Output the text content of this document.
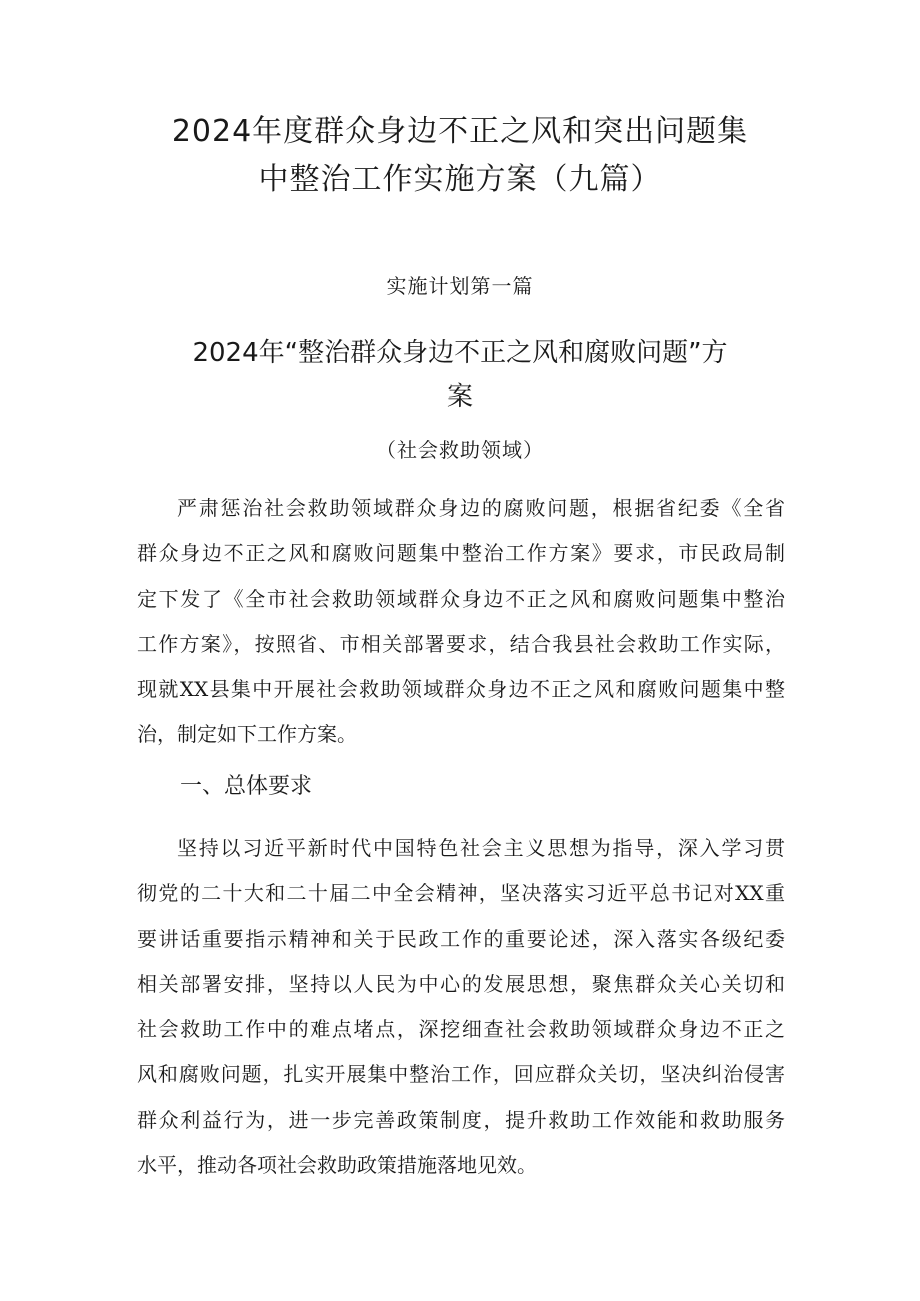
2024年度群众身边不正之风和突出问题集
中整治工作实施方案（九篇）
实施计划第一篇
2024年“整治群众身边不正之风和腐败问题”方
案
（社会救助领域）

严肃惩治社会救助领域群众身边的腐败问题，根据省纪委《全省
群众身边不正之风和腐败问题集中整治工作方案》要求，市民政局制
定下发了《全市社会救助领域群众身边不正之风和腐败问题集中整治
工作方案》，按照省、市相关部署要求，结合我县社会救助工作实际，
现就XX县集中开展社会救助领域群众身边不正之风和腐败问题集中整
治，制定如下工作方案。

一、总体要求

坚持以习近平新时代中国特色社会主义思想为指导，深入学习贯
彻党的二十大和二十届二中全会精神，坚决落实习近平总书记对XX重
要讲话重要指示精神和关于民政工作的重要论述，深入落实各级纪委
相关部署安排，坚持以人民为中心的发展思想，聚焦群众关心关切和
社会救助工作中的难点堵点，深挖细查社会救助领域群众身边不正之
风和腐败问题，扎实开展集中整治工作，回应群众关切，坚决纠治侵害
群众利益行为，进一步完善政策制度，提升救助工作效能和救助服务
水平，推动各项社会救助政策措施落地见效。
